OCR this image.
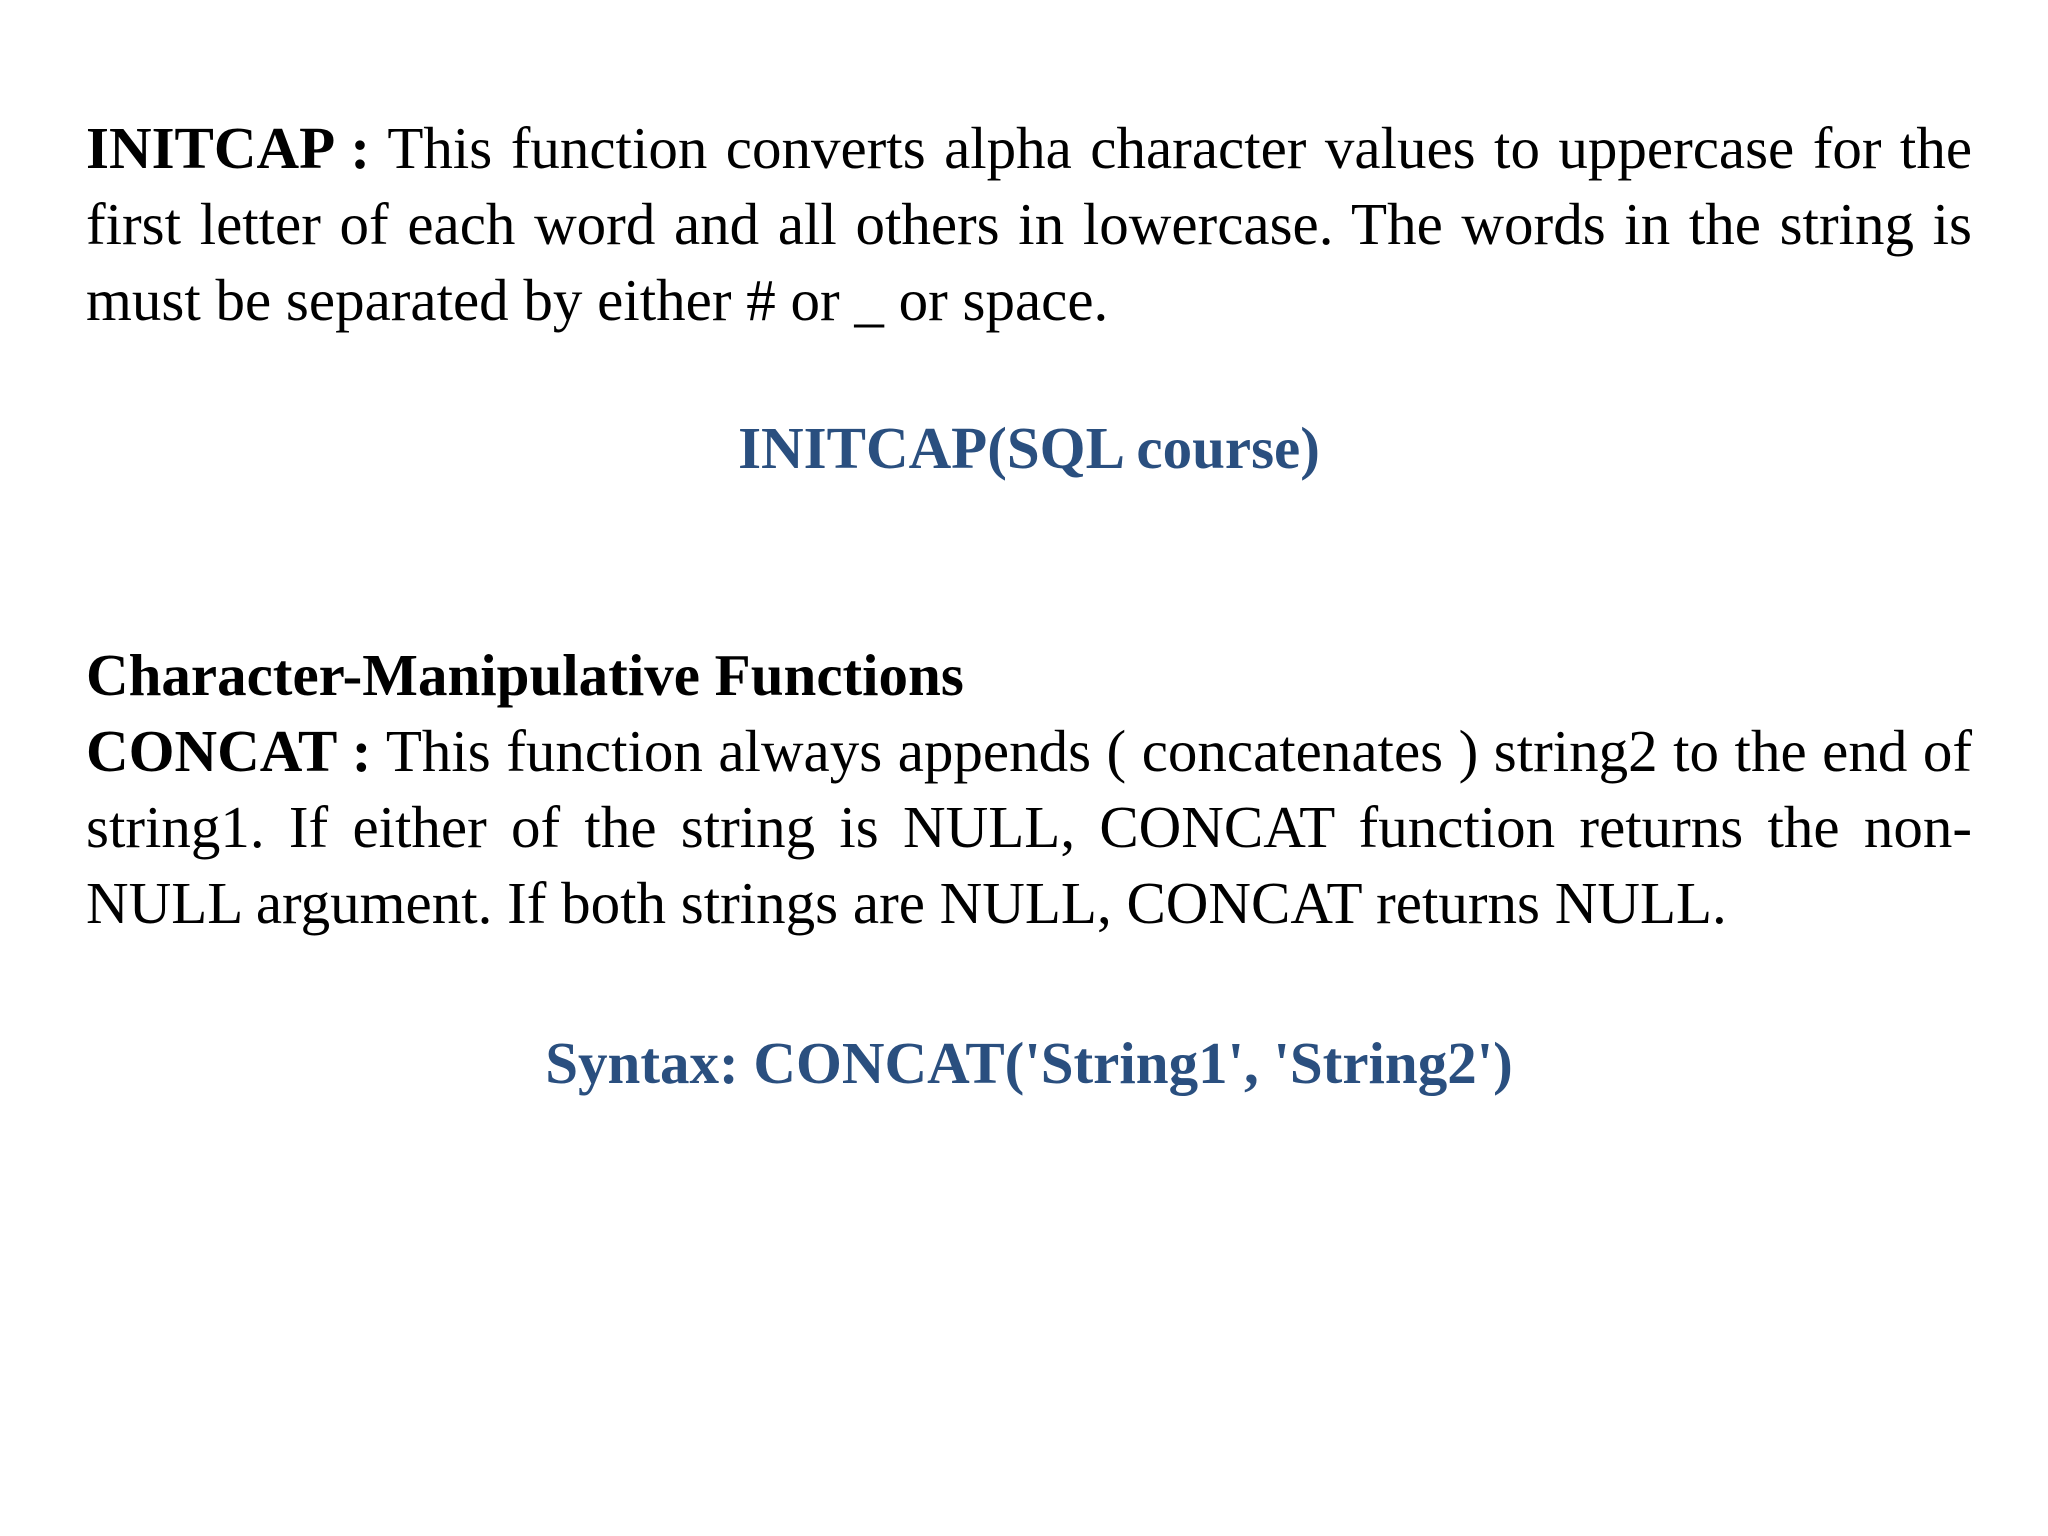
INITCAP : This function converts alpha character values to uppercase for the first letter of each word and all others in lowercase. The words in the string is must be separated by either # or _ or space.

INITCAP(SQL course)

Character-Manipulative Functions

CONCAT : This function always appends ( concatenates ) string2 to the end of string1. If either of the string is NULL, CONCAT function returns the non-NULL argument. If both strings are NULL, CONCAT returns NULL.

Syntax: CONCAT('String1', 'String2')
